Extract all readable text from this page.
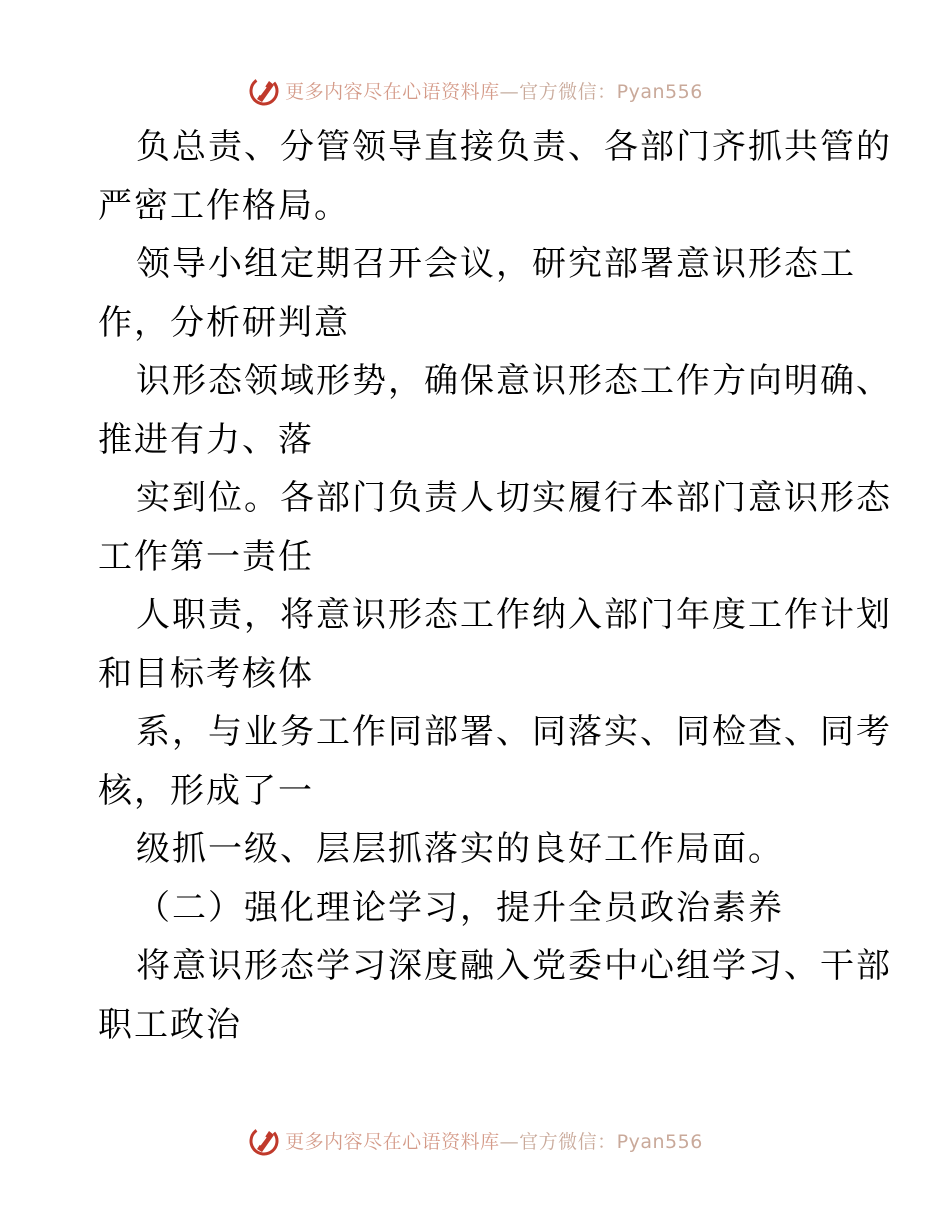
更多内容尽在心语资料库—官方微信：Pyan556
负总责、分管领导直接负责、各部门齐抓共管的
严密工作格局。
领导小组定期召开会议，研究部署意识形态工
作，分析研判意
识形态领域形势，确保意识形态工作方向明确、
推进有力、落
实到位。各部门负责人切实履行本部门意识形态
工作第一责任
人职责，将意识形态工作纳入部门年度工作计划
和目标考核体
系，与业务工作同部署、同落实、同检查、同考
核，形成了一
级抓一级、层层抓落实的良好工作局面。
（二）强化理论学习，提升全员政治素养
将意识形态学习深度融入党委中心组学习、干部
职工政治
更多内容尽在心语资料库—官方微信：Pyan556
